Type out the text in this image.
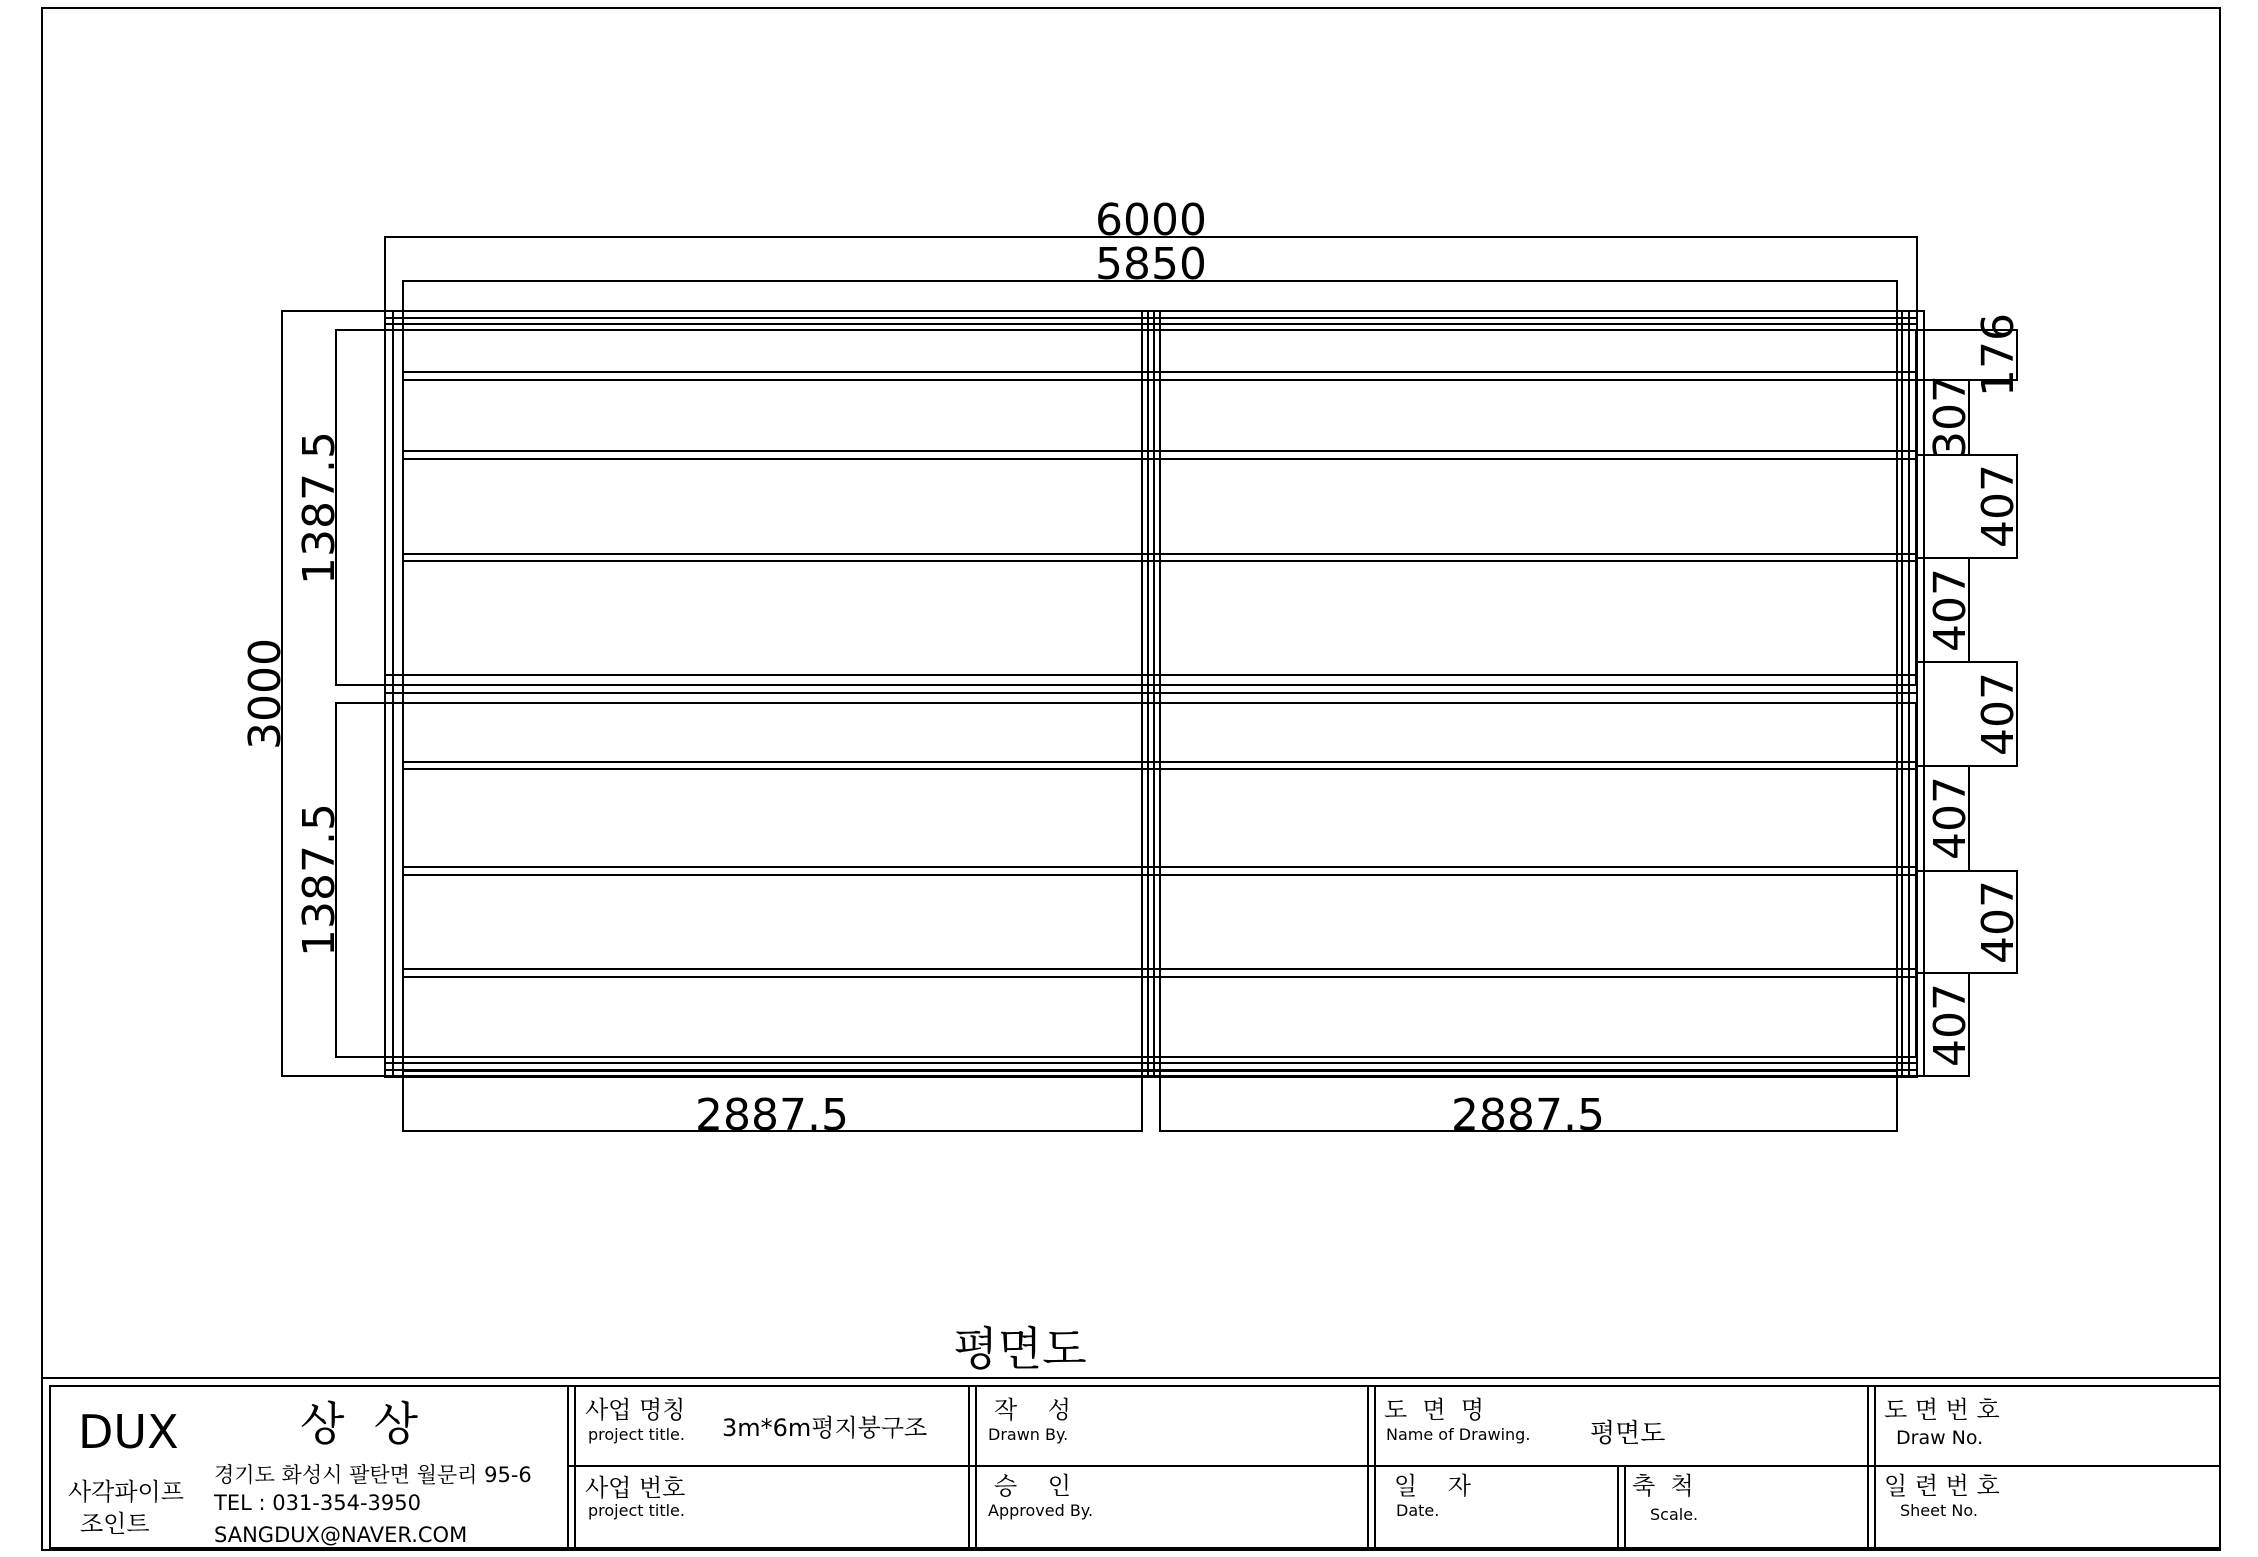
6000
5850
3000
1387.5
1387.5
2887.5	2887.5
176
307
407
407
407
407
407
407
평면도
DUX	상  상
사각파이프
조인트
경기도 화성시 팔탄면 월문리 95-6
TEL : 031-354-3950
SANGDUX@NAVER.COM
사업 명칭
project title. 3m*6m평지붕구조
사업 번호
project title.
작    성
Drawn By.
승    인
Approved By.
도  면  명
Name of Drawing. 평면도
일    자
Date.
축  척
Scale.
도 면 번 호
Draw No.
일 련 번 호
Sheet No.
